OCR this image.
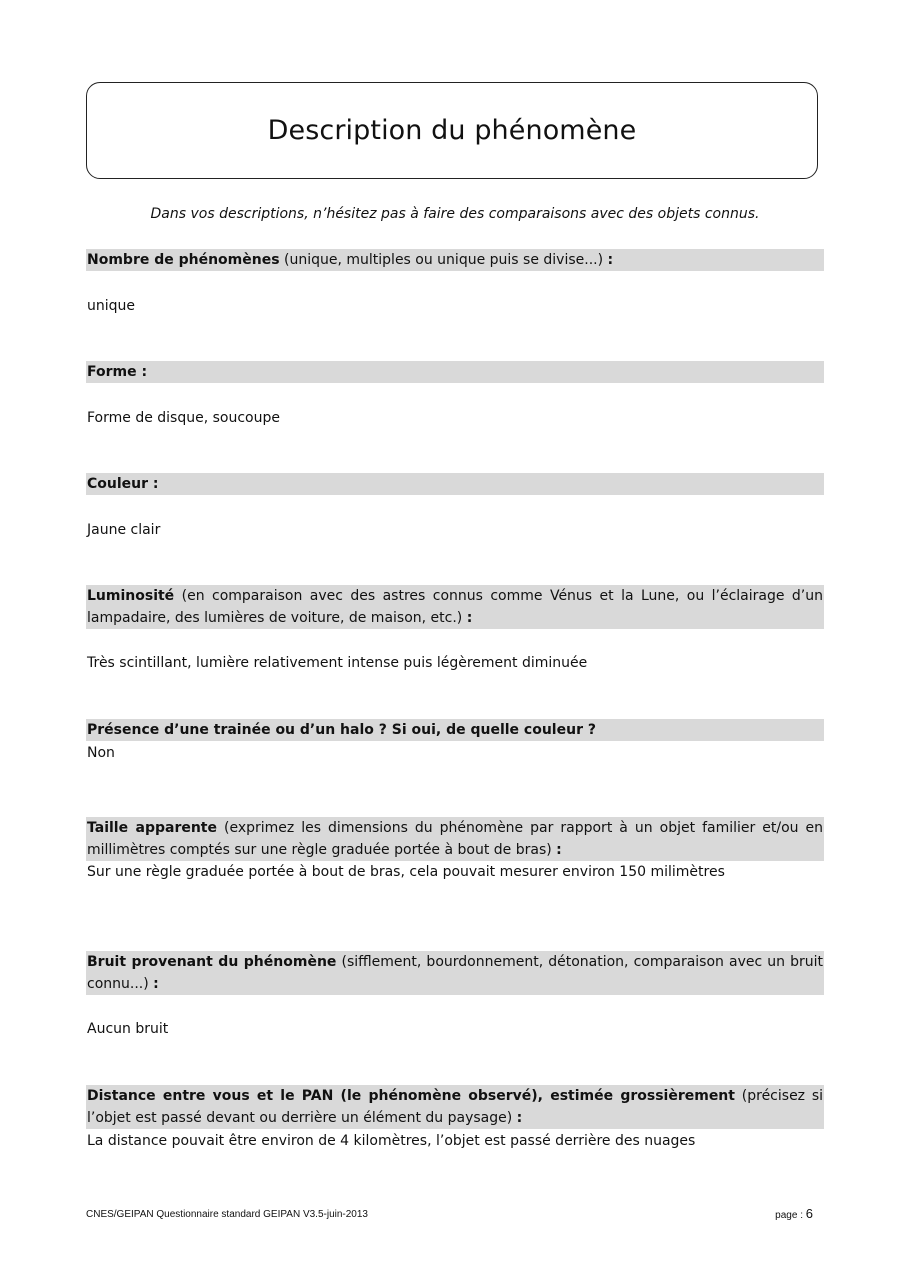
Description du phénomène
Dans vos descriptions, n’hésitez pas à faire des comparaisons avec des objets connus.
Nombre de phénomènes (unique, multiples ou unique puis se divise...) :
unique
Forme :
Forme de disque, soucoupe
Couleur :
Jaune clair
Luminosité (en comparaison avec des astres connus comme Vénus et la Lune, ou l’éclairage d’un lampadaire, des lumières de voiture, de maison, etc.) :
Très scintillant, lumière relativement intense puis légèrement diminuée
Présence d’une trainée ou d’un halo ? Si oui, de quelle couleur ?
Non
Taille apparente (exprimez les dimensions du phénomène par rapport à un objet familier et/ou en millimètres comptés sur une règle graduée portée à bout de bras) :
Sur une règle graduée portée à bout de bras, cela pouvait mesurer environ 150 milimètres
Bruit provenant du phénomène (sifflement, bourdonnement, détonation, comparaison avec un bruit connu...) :
Aucun bruit
Distance entre vous et le PAN (le phénomène observé), estimée grossièrement (précisez si l’objet est passé devant ou derrière un élément du paysage) :
La distance pouvait être environ de 4 kilomètres, l’objet est passé derrière des nuages
CNES/GEIPAN Questionnaire standard GEIPAN V3.5-juin-2013	page : 6
